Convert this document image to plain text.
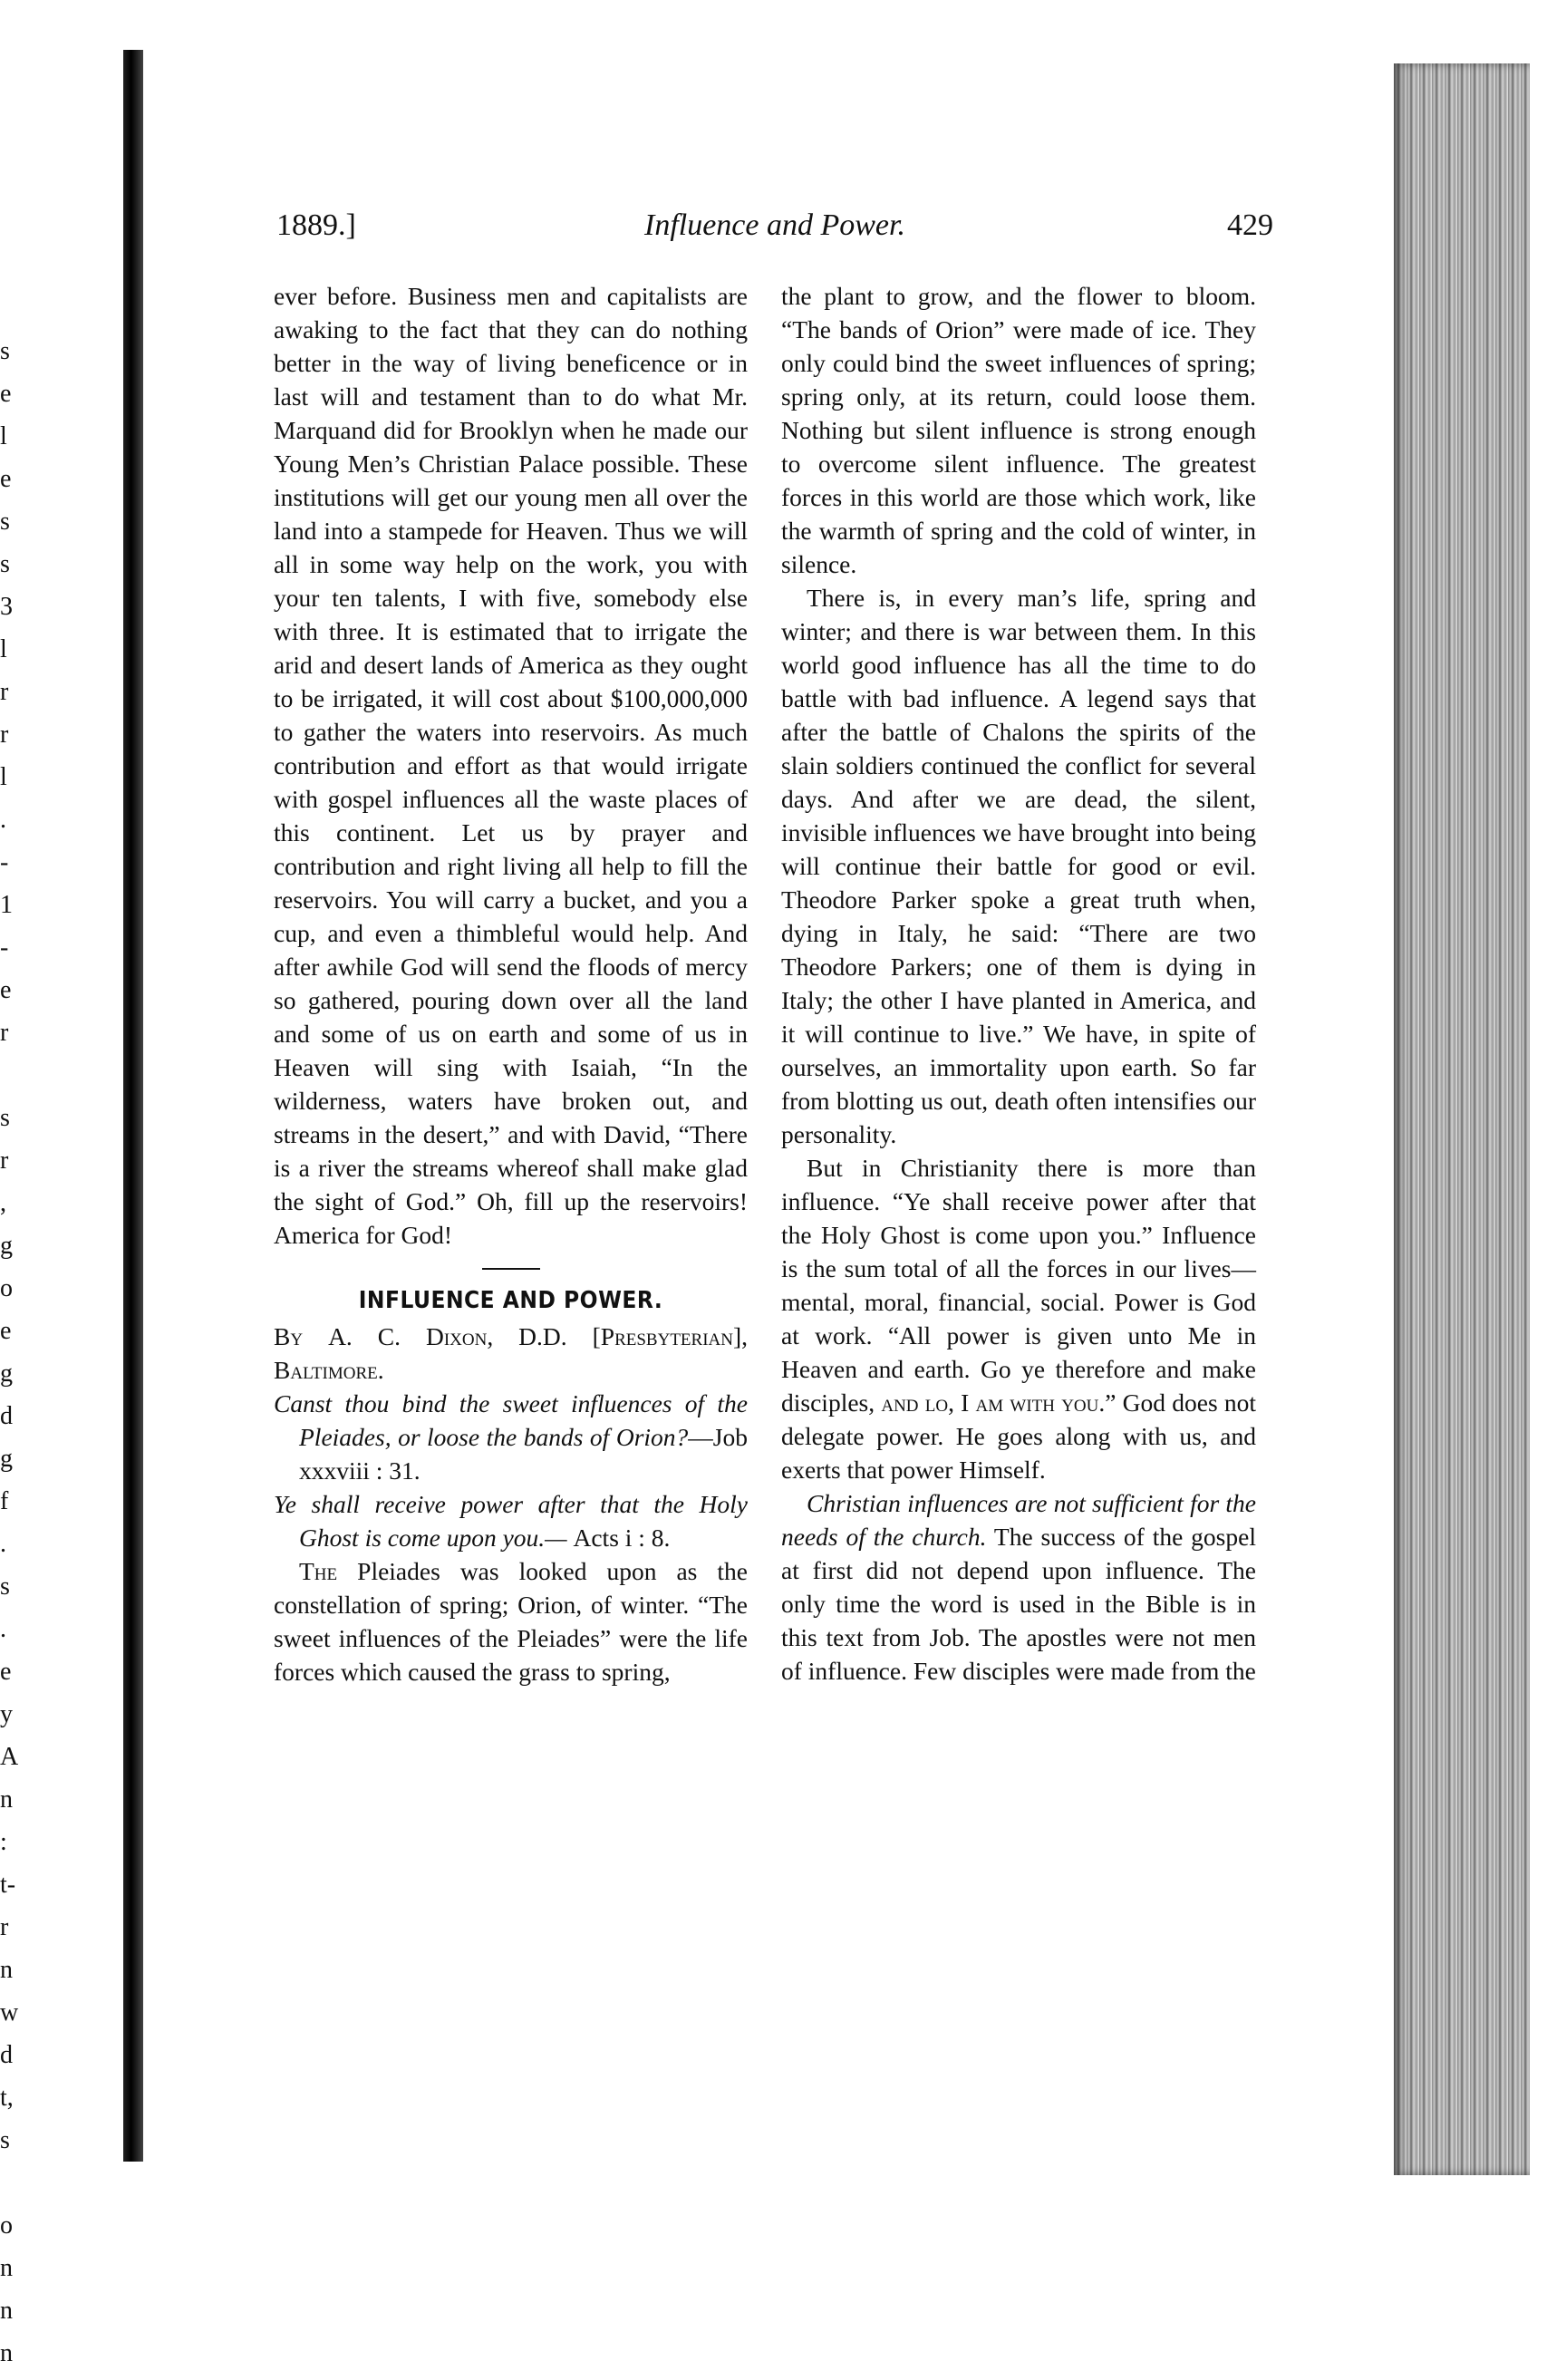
s
e
l
e
s
s
3
l
r
r
l
.
-
1
-
e
r
s
r
,
g
o
e
g
d
g
f
.
s
.
e
y
A
n
:
t-
r
n
w
d
t,
s
o
n
n
n
1889.]	Influence and Power.	429

ever before. Business men and capitalists are awaking to the fact that they can do nothing better in the way of living beneficence or in last will and testament than to do what Mr. Marquand did for Brooklyn when he made our Young Men’s Christian Palace possible. These institutions will get our young men all over the land into a stampede for Heaven. Thus we will all in some way help on the work, you with your ten talents, I with five, somebody else with three. It is estimated that to irrigate the arid and desert lands of America as they ought to be irrigated, it will cost about $100,000,000 to gather the waters into reservoirs. As much contribution and effort as that would irrigate with gospel influences all the waste places of this continent. Let us by prayer and contribution and right living all help to fill the reservoirs. You will carry a bucket, and you a cup, and even a thimbleful would help. And after awhile God will send the floods of mercy so gathered, pouring down over all the land and some of us on earth and some of us in Heaven will sing with Isaiah, “In the wilderness, waters have broken out, and streams in the desert,” and with David, “There is a river the streams whereof shall make glad the sight of God.” Oh, fill up the reservoirs! America for God!

INFLUENCE AND POWER.

By A. C. Dixon, D.D. [Presbyterian], Baltimore.

Canst thou bind the sweet influences of the Pleiades, or loose the bands of Orion?—Job xxxviii : 31.

Ye shall receive power after that the Holy Ghost is come upon you.— Acts i : 8.

The Pleiades was looked upon as the constellation of spring; Orion, of winter. “The sweet influences of the Pleiades” were the life forces which caused the grass to spring,

the plant to grow, and the flower to bloom. “The bands of Orion” were made of ice. They only could bind the sweet influences of spring; spring only, at its return, could loose them. Nothing but silent influence is strong enough to overcome silent influence. The greatest forces in this world are those which work, like the warmth of spring and the cold of winter, in silence.

There is, in every man’s life, spring and winter; and there is war between them. In this world good influence has all the time to do battle with bad influence. A legend says that after the battle of Chalons the spirits of the slain soldiers continued the conflict for several days. And after we are dead, the silent, invisible influences we have brought into being will continue their battle for good or evil. Theodore Parker spoke a great truth when, dying in Italy, he said: “There are two Theodore Parkers; one of them is dying in Italy; the other I have planted in America, and it will continue to live.” We have, in spite of ourselves, an immortality upon earth. So far from blotting us out, death often intensifies our personality.

But in Christianity there is more than influence. “Ye shall receive power after that the Holy Ghost is come upon you.” Influence is the sum total of all the forces in our lives—mental, moral, financial, social. Power is God at work. “All power is given unto Me in Heaven and earth. Go ye therefore and make disciples, and lo, I am with you.” God does not delegate power. He goes along with us, and exerts that power Himself.

Christian influences are not sufficient for the needs of the church. The success of the gospel at first did not depend upon influence. The only time the word is used in the Bible is in this text from Job. The apostles were not men of influence. Few disciples were made from the
